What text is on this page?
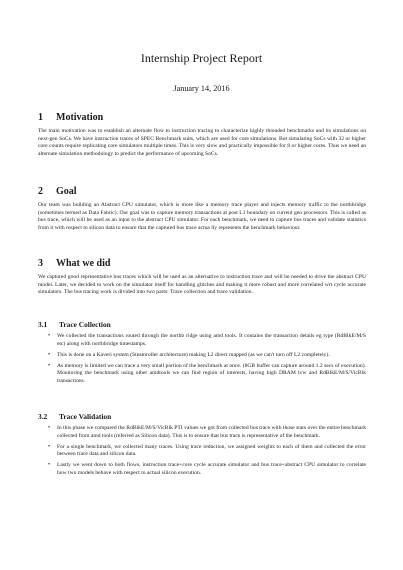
Internship Project Report
January 14, 2016
1 Motivation

The main motivation was to establish an alternate flow to instruction tracing to characterize highly threaded benchmarks and its simulations on next-gen SoCs. We have instruction traces of SPEC Benchmark suits, which are used for core simulations. But simulating SoCs with 32 or higher core counts require replicating core simulators multiple times. This is very slow and practically impossible for 8 or higher cores. Thus we need an alternate simulation methodology to predict the performance of upcoming SoCs.

2 Goal

Our team was building an Abstract CPU simulator, which is more like a memory trace player and injects memory traffic to the northbridge (sometimes termed as Data Fabric). Our goal was to capture memory transactions at post L1 boundary on current gen processors. This is called as bus trace, which will be used as an input to the abstract CPU simulator. For each benchmark, we need to capture bus traces and validate statistics from it with respect to silicon data to ensure that the captured bus trace actua lly represents the benchmark behaviour.

3 What we did

We captured good representative bus traces which will be used as an alternative to instruction trace and will be needed to drive the abstract CPU model. Later, we decided to work on the simulator itself for handling glitches and making it more robust and more correlated wrt cycle accurate simulators. The bus tracing work is divided into two parts: Trace collection and trace validation.

3.1 Trace Collection
• We collected the transactions routed through the northb ridge using amd tools. It contains the transaction details eg type (RdBlkE/M/S etc) along with northbridge timestamps.
• This is done on a Kaveri system (Steamroller architecture) making L2 direct mapped (as we can't turn off L2 completely).
• As memory is limited we can trace a very small portion of the benchmark at once. (8GB buffer can capture around 1.2 secs of execution). Monitoring the benchmark using other amdtools we can find region of interests, having high DRAM b/w and RdBlkE/M/S/VicBlk transactions.
3.2 Trace Validation
• In this phase we compared the RdBlkE/M/S/VicBlk PTI values we got from collected bus trace with those stats over the entire benchmark collected from amd tools (referred as Silicon data). This is to ensure that bus trace is representative of the benchmark.
• For a single benchmark, we collected many traces. Using trace reduction, we assigned weights to each of them and collected the error between trace data and silicon data.
• Lastly we went down to both flows, instruction trace+core cycle accurate simulator and bus trace+abstract CPU simulator to correlate how two models behave with respect to actual silicon execution.
